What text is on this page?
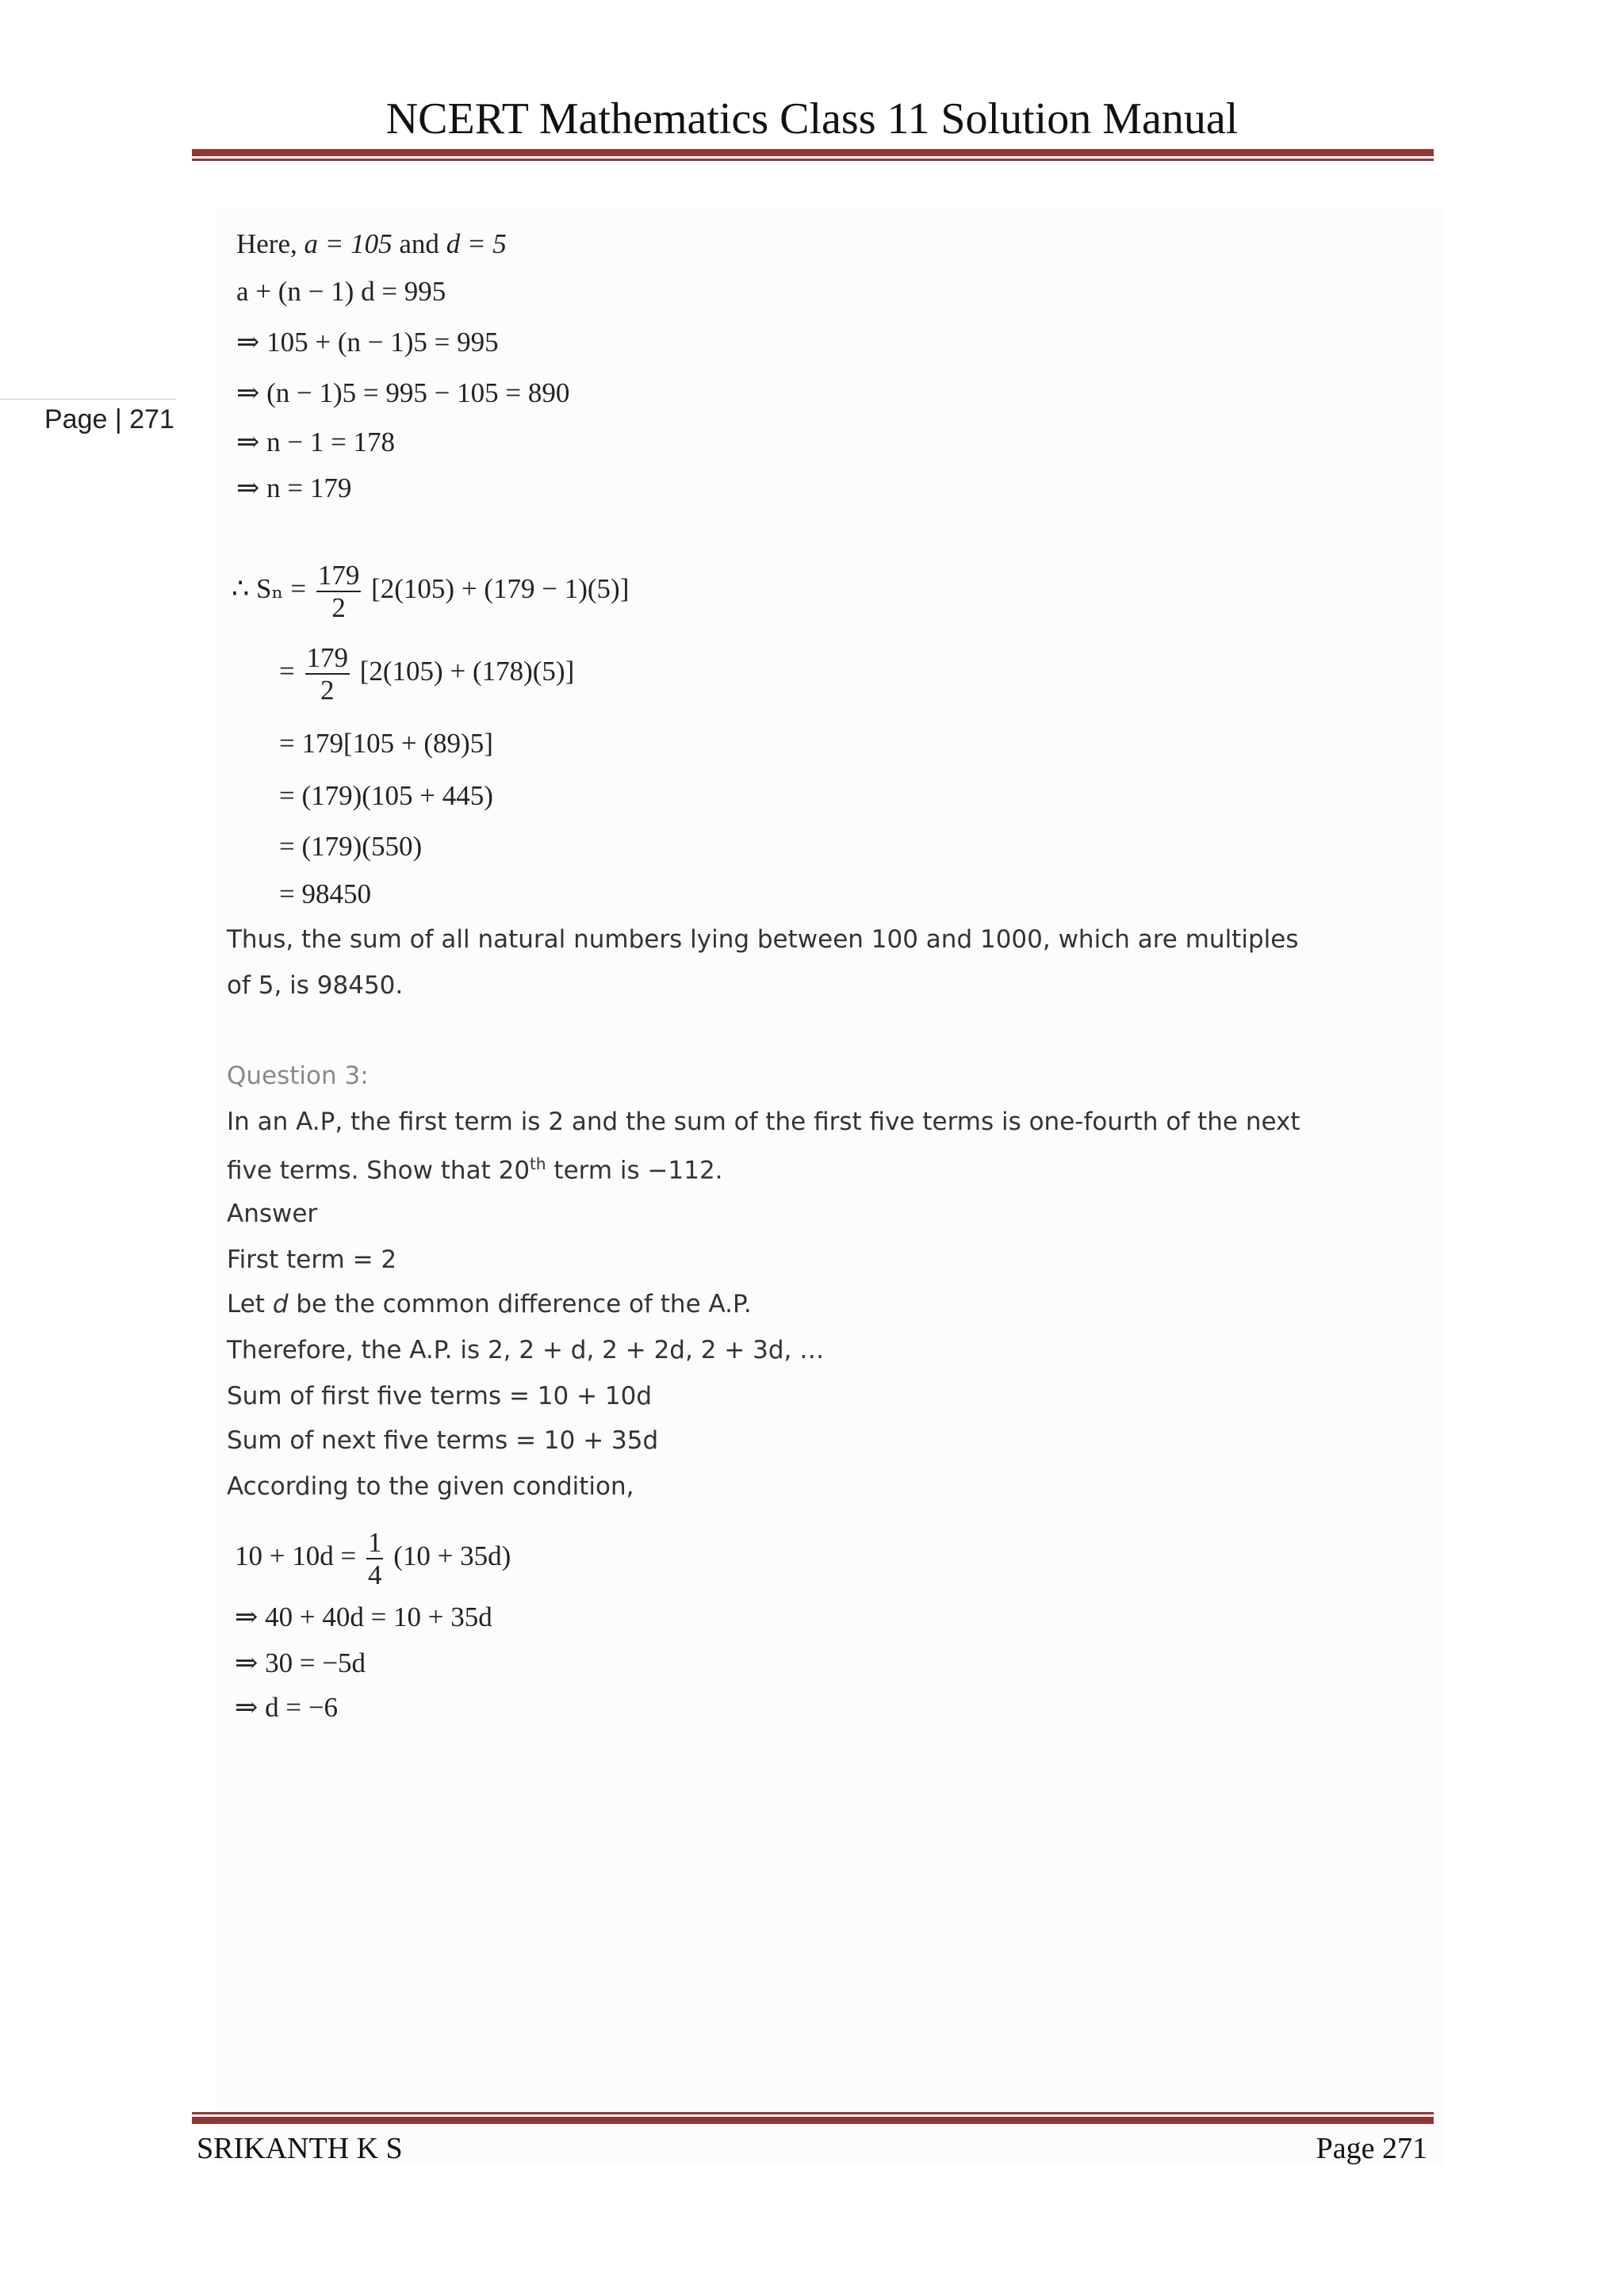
NCERT Mathematics Class 11 Solution Manual
Page | 271
Here, a = 105 and d = 5
a + (n − 1) d = 995
⇒ 105 + (n − 1)5 = 995
⇒ (n − 1)5 = 995 − 105 = 890
⇒ n − 1 = 178
⇒ n = 179
∴ $S_n = \frac{179}{2} [2(105) + (179 - 1)(5)]$
= $\frac{179}{2} [2(105) + (178)(5)]$
= 179[105 + (89)5]
= (179)(105 + 445)
= (179)(550)
= 98450
Thus, the sum of all natural numbers lying between 100 and 1000, which are multiples
of 5, is 98450.
Question 3:
In an A.P, the first term is 2 and the sum of the first five terms is one-fourth of the next
five terms. Show that 20th term is −112.
Answer
First term = 2
Let d be the common difference of the A.P.
Therefore, the A.P. is 2, 2 + d, 2 + 2d, 2 + 3d, …
Sum of first five terms = 10 + 10d
Sum of next five terms = 10 + 35d
According to the given condition,
$10 + 10d = \frac{1}{4} (10 + 35d)$
⇒ 40 + 40d = 10 + 35d
⇒ 30 = −5d
⇒ d = −6
SRIKANTH K S	Page 271
